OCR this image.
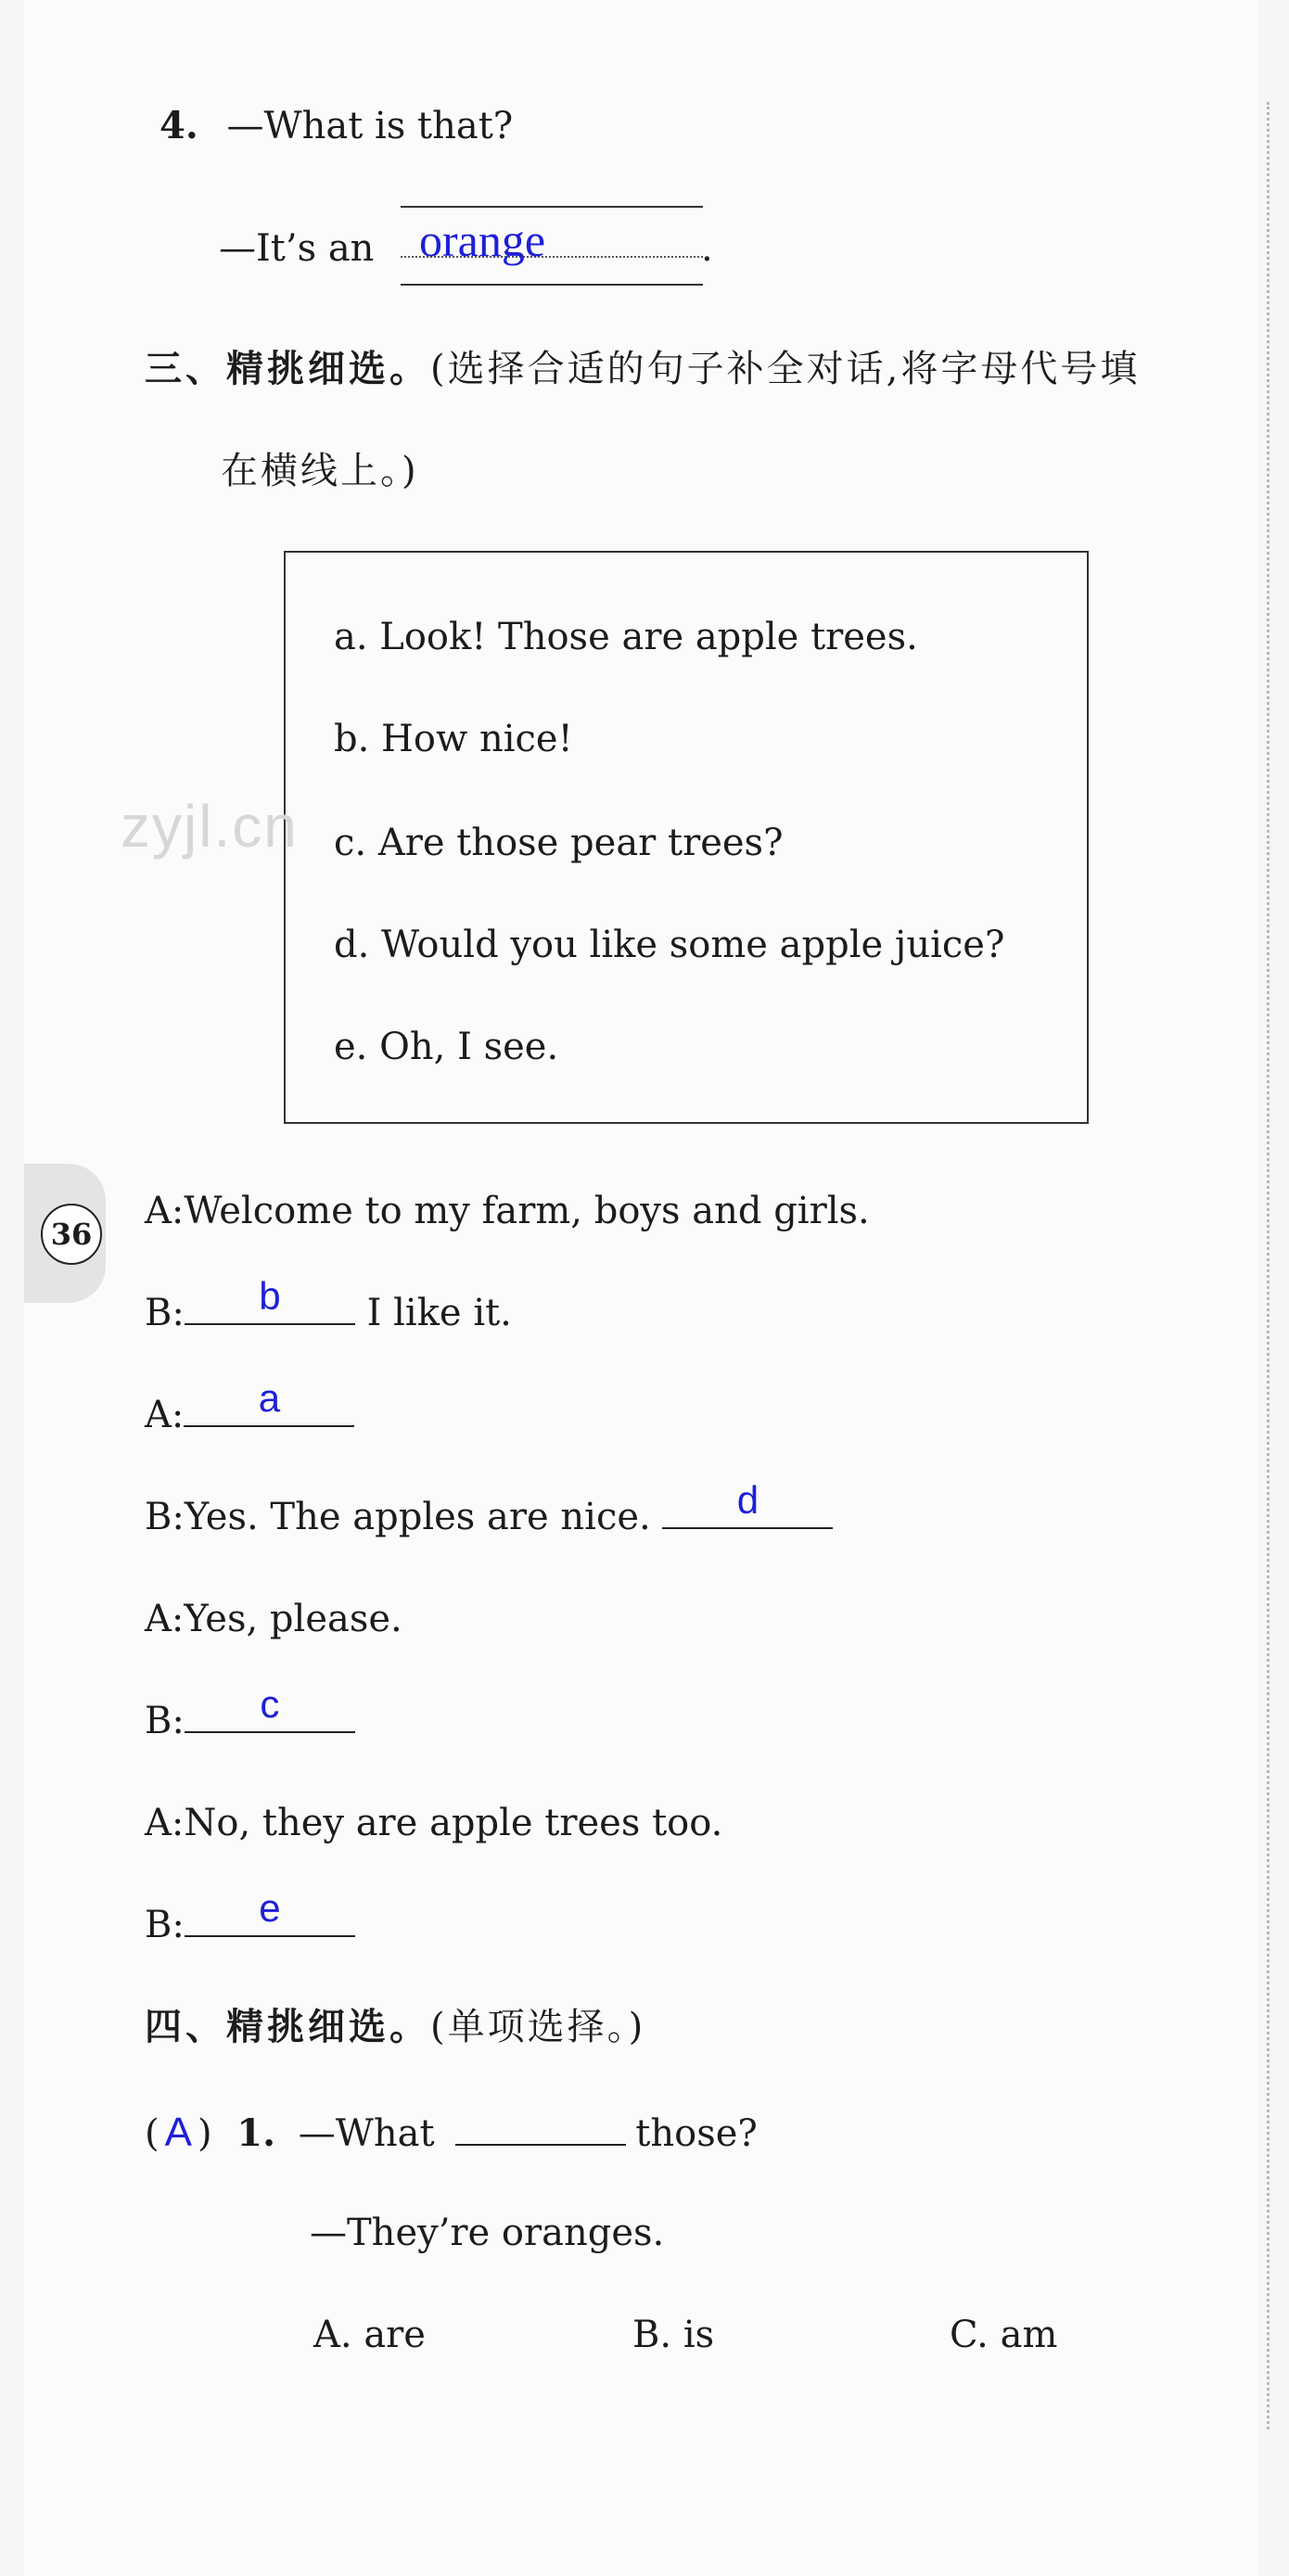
4. —What is that?
—It’s an orange	.
三、精挑细选。(选择合适的句子补全对话,将字母代号填
在横线上。)
a. Look! Those are apple trees.
b. How nice!
c. Are those pear trees?
d. Would you like some apple juice?
e. Oh, I see.
zyjl.cn
36
A:Welcome to my farm, boys and girls.
B:	b	I like it.
A:	a
B:Yes. The apples are nice.	d
A:Yes, please.
B:	c
A:No, they are apple trees too.
B:	e
四、精挑细选。(单项选择。)
( A ) 1. —What	those?
—They’re oranges.
A. are	B. is	C. am
